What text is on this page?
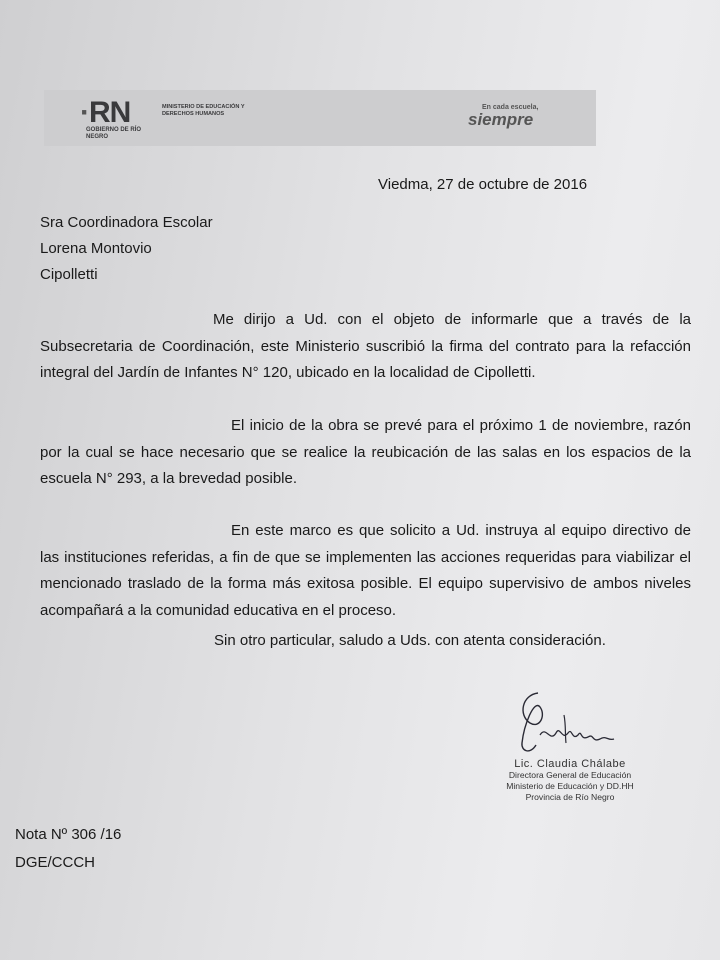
·RN
GOBIERNO DE RÍO NEGRO
MINISTERIO DE EDUCACIÓN Y DERECHOS HUMANOS
En cada escuela,
siempre
Viedma, 27 de octubre de 2016
Sra Coordinadora Escolar
Lorena Montovio
Cipolletti
Me dirijo a Ud. con el objeto de informarle que a través de la Subsecretaria de Coordinación, este Ministerio suscribió la firma del contrato para la refacción integral del Jardín de Infantes N° 120, ubicado en la localidad de Cipolletti.
El inicio de la obra se prevé para el próximo 1 de noviembre, razón por la cual se hace necesario que se realice la reubicación de las salas en los espacios de la escuela N° 293, a la brevedad posible.
En este marco es que solicito a Ud. instruya al equipo directivo de las instituciones referidas, a fin de que se implementen las acciones requeridas para viabilizar el mencionado traslado de la forma más exitosa posible. El equipo supervisivo de ambos niveles acompañará a la comunidad educativa en el proceso.
Sin otro particular, saludo a Uds. con atenta consideración.
Lic. Claudia Chálabe
Directora General de Educación
Ministerio de Educación y DD.HH
Provincia de Río Negro
Nota Nº 306 /16
DGE/CCCH
